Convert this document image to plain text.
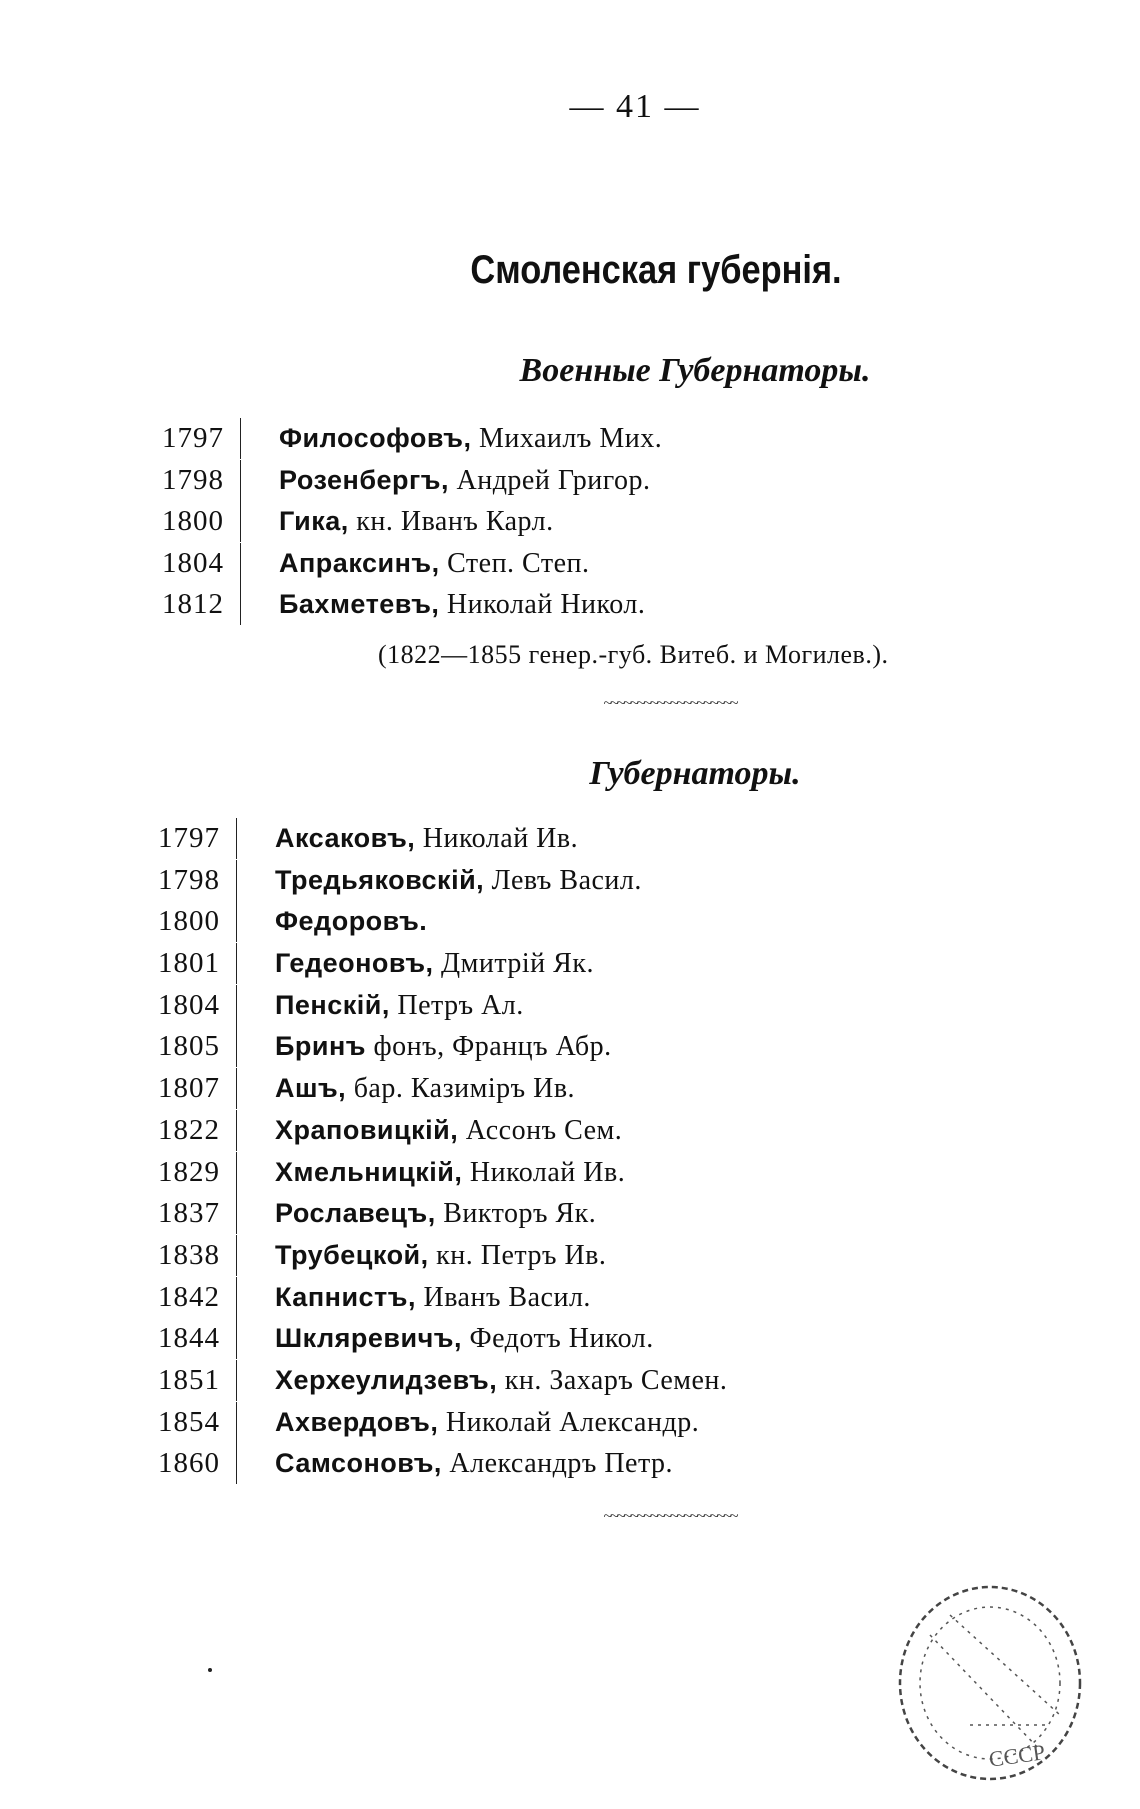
— 41 —
Смоленская губернія.
Военные Губернаторы.
1797	Философовъ, Михаилъ Мих.
1798	Розенбергъ, Андрей Григор.
1800	Гика, кн. Иванъ Карл.
1804	Апраксинъ, Степ. Степ.
1812	Бахметевъ, Николай Никол.
(1822—1855 генер.-губ. Витеб. и Могилев.).
~~~~~~~~~~~~~~~~~~~~
Губернаторы.
1797	Аксаковъ, Николай Ив.
1798	Тредьяковскій, Левъ Васил.
1800	Федоровъ.
1801	Гедеоновъ, Дмитрій Як.
1804	Пенскій, Петръ Ал.
1805	Бринъ фонъ, Францъ Абр.
1807	Ашъ, бар. Казиміръ Ив.
1822	Храповицкій, Ассонъ Сем.
1829	Хмельницкій, Николай Ив.
1837	Рославецъ, Викторъ Як.
1838	Трубецкой, кн. Петръ Ив.
1842	Капнистъ, Иванъ Васил.
1844	Шкляревичъ, Федотъ Никол.
1851	Херхеулидзевъ, кн. Захаръ Семен.
1854	Ахвердовъ, Николай Александр.
1860	Самсоновъ, Александръ Петр.
~~~~~~~~~~~~~~~~~~~~
СССР
